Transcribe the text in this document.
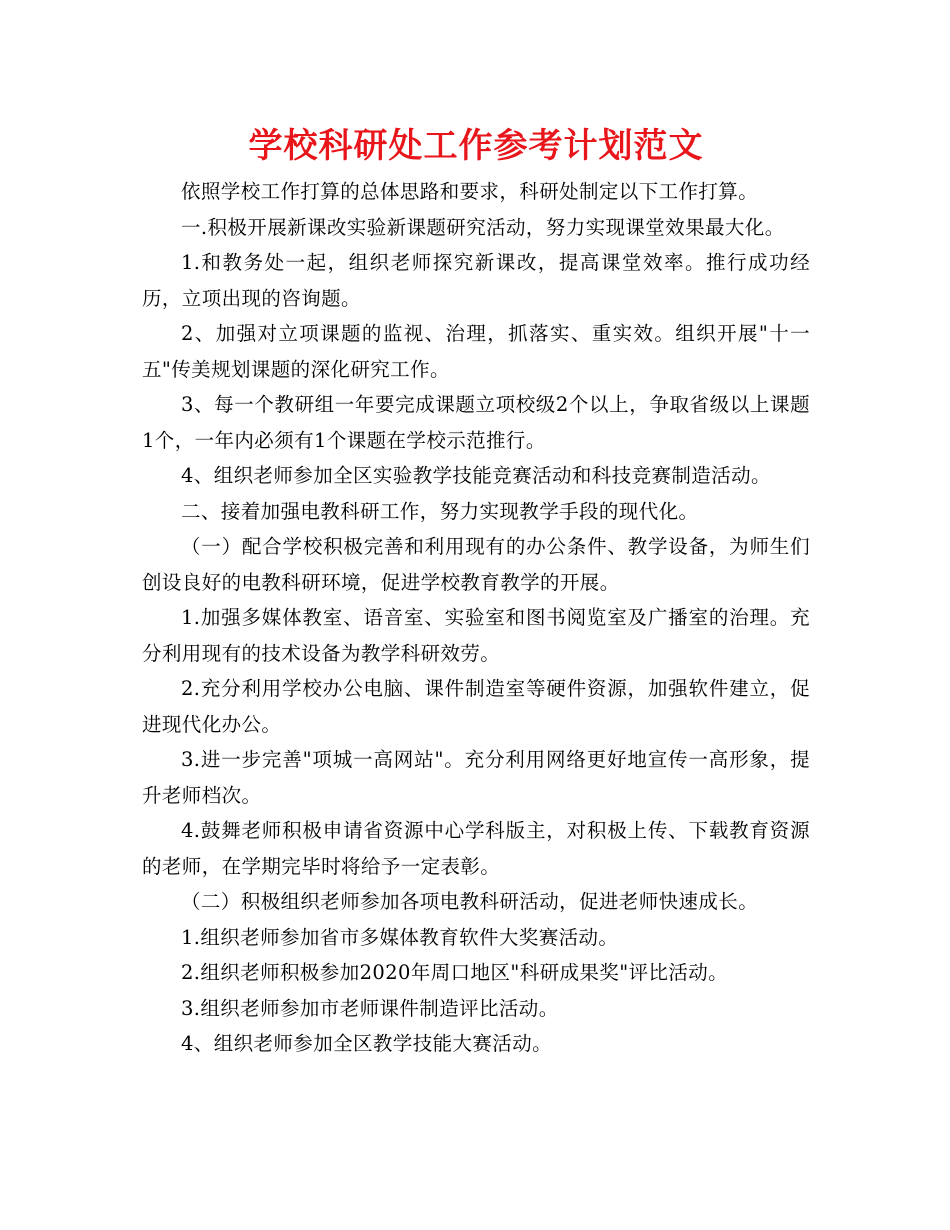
学校科研处工作参考计划范文

依照学校工作打算的总体思路和要求，科研处制定以下工作打算。

一.积极开展新课改实验新课题研究活动，努力实现课堂效果最大化。

1.和教务处一起，组织老师探究新课改，提高课堂效率。推行成功经历，立项出现的咨询题。

2、加强对立项课题的监视、治理，抓落实、重实效。组织开展"十一五"传美规划课题的深化研究工作。

3、每一个教研组一年要完成课题立项校级2个以上，争取省级以上课题1个，一年内必须有1个课题在学校示范推行。

4、组织老师参加全区实验教学技能竞赛活动和科技竞赛制造活动。

二、接着加强电教科研工作，努力实现教学手段的现代化。

（一）配合学校积极完善和利用现有的办公条件、教学设备，为师生们创设良好的电教科研环境，促进学校教育教学的开展。

1.加强多媒体教室、语音室、实验室和图书阅览室及广播室的治理。充分利用现有的技术设备为教学科研效劳。

2.充分利用学校办公电脑、课件制造室等硬件资源，加强软件建立，促进现代化办公。

3.进一步完善"项城一高网站"。充分利用网络更好地宣传一高形象，提升老师档次。

4.鼓舞老师积极申请省资源中心学科版主，对积极上传、下载教育资源的老师，在学期完毕时将给予一定表彰。

（二）积极组织老师参加各项电教科研活动，促进老师快速成长。

1.组织老师参加省市多媒体教育软件大奖赛活动。

2.组织老师积极参加2020年周口地区"科研成果奖"评比活动。

3.组织老师参加市老师课件制造评比活动。

4、组织老师参加全区教学技能大赛活动。
